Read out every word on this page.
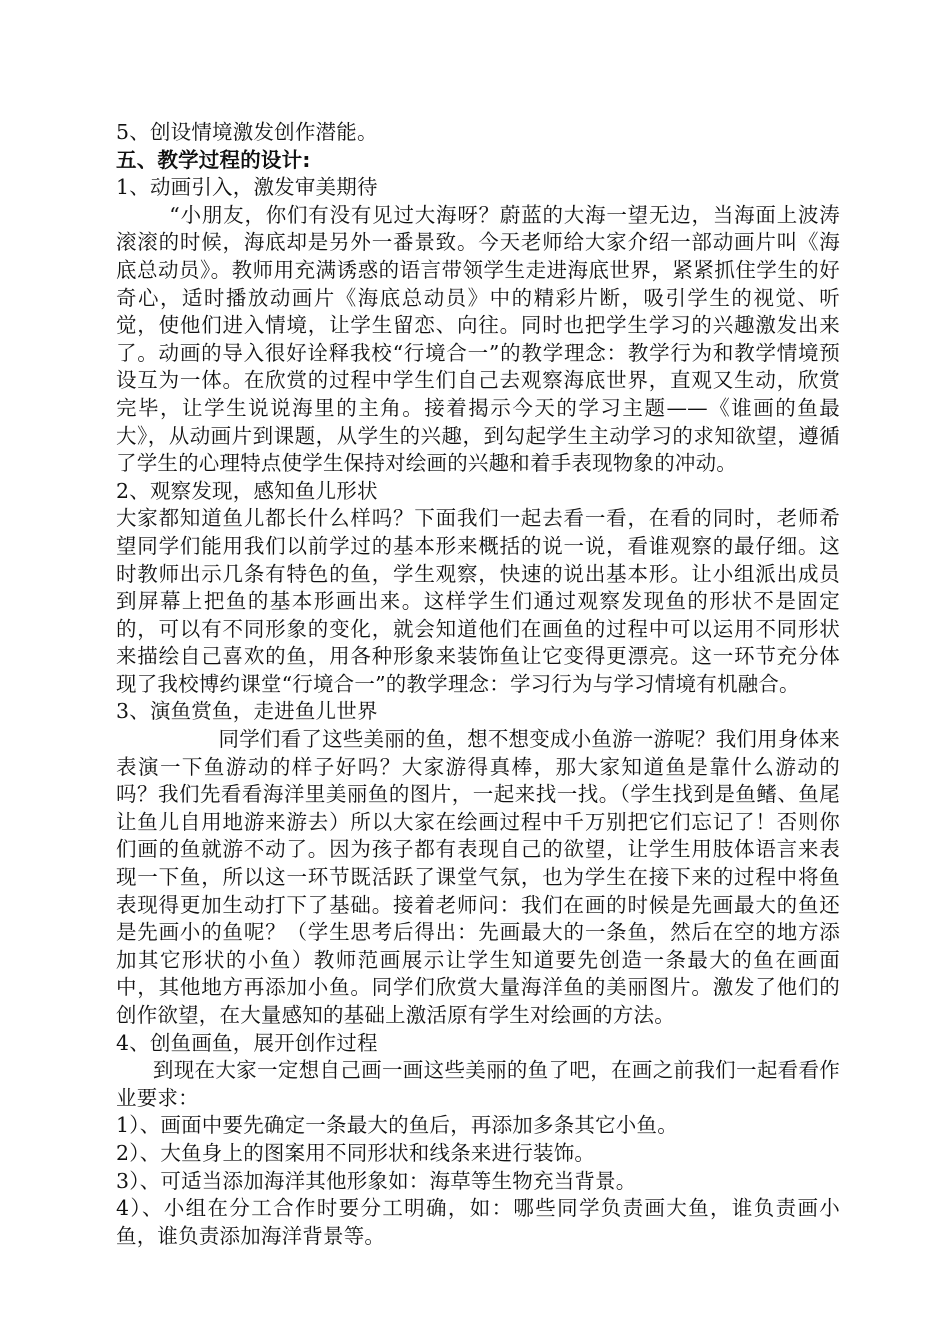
5、创设情境激发创作潜能。

五、教学过程的设计:

1、动画引入，激发审美期待

“小朋友，你们有没有见过大海呀？蔚蓝的大海一望无边，当海面上波涛滚滚的时候，海底却是另外一番景致。今天老师给大家介绍一部动画片叫《海底总动员》。教师用充满诱惑的语言带领学生走进海底世界，紧紧抓住学生的好奇心，适时播放动画片《海底总动员》中的精彩片断，吸引学生的视觉、听觉，使他们进入情境，让学生留恋、向往。同时也把学生学习的兴趣激发出来了。动画的导入很好诠释我校“行境合一”的教学理念：教学行为和教学情境预设互为一体。在欣赏的过程中学生们自己去观察海底世界，直观又生动，欣赏完毕，让学生说说海里的主角。接着揭示今天的学习主题——《谁画的鱼最大》，从动画片到课题，从学生的兴趣，到勾起学生主动学习的求知欲望，遵循了学生的心理特点使学生保持对绘画的兴趣和着手表现物象的冲动。

2、观察发现，感知鱼儿形状

大家都知道鱼儿都长什么样吗？下面我们一起去看一看，在看的同时，老师希望同学们能用我们以前学过的基本形来概括的说一说，看谁观察的最仔细。这时教师出示几条有特色的鱼，学生观察，快速的说出基本形。让小组派出成员到屏幕上把鱼的基本形画出来。这样学生们通过观察发现鱼的形状不是固定的，可以有不同形象的变化，就会知道他们在画鱼的过程中可以运用不同形状来描绘自己喜欢的鱼，用各种形象来装饰鱼让它变得更漂亮。这一环节充分体现了我校博约课堂“行境合一”的教学理念：学习行为与学习情境有机融合。

3、演鱼赏鱼，走进鱼儿世界

同学们看了这些美丽的鱼，想不想变成小鱼游一游呢？我们用身体来表演一下鱼游动的样子好吗？大家游得真棒，那大家知道鱼是靠什么游动的吗？我们先看看海洋里美丽鱼的图片，一起来找一找。（学生找到是鱼鳍、鱼尾让鱼儿自用地游来游去）所以大家在绘画过程中千万别把它们忘记了！否则你们画的鱼就游不动了。因为孩子都有表现自己的欲望，让学生用肢体语言来表现一下鱼，所以这一环节既活跃了课堂气氛，也为学生在接下来的过程中将鱼表现得更加生动打下了基础。接着老师问：我们在画的时候是先画最大的鱼还是先画小的鱼呢？（学生思考后得出：先画最大的一条鱼，然后在空的地方添加其它形状的小鱼）教师范画展示让学生知道要先创造一条最大的鱼在画面中，其他地方再添加小鱼。同学们欣赏大量海洋鱼的美丽图片。激发了他们的创作欲望，在大量感知的基础上激活原有学生对绘画的方法。

4、创鱼画鱼，展开创作过程

到现在大家一定想自己画一画这些美丽的鱼了吧，在画之前我们一起看看作业要求：

1）、画面中要先确定一条最大的鱼后，再添加多条其它小鱼。

2）、大鱼身上的图案用不同形状和线条来进行装饰。

3）、可适当添加海洋其他形象如：海草等生物充当背景。

4）、小组在分工合作时要分工明确，如：哪些同学负责画大鱼，谁负责画小鱼，谁负责添加海洋背景等。
